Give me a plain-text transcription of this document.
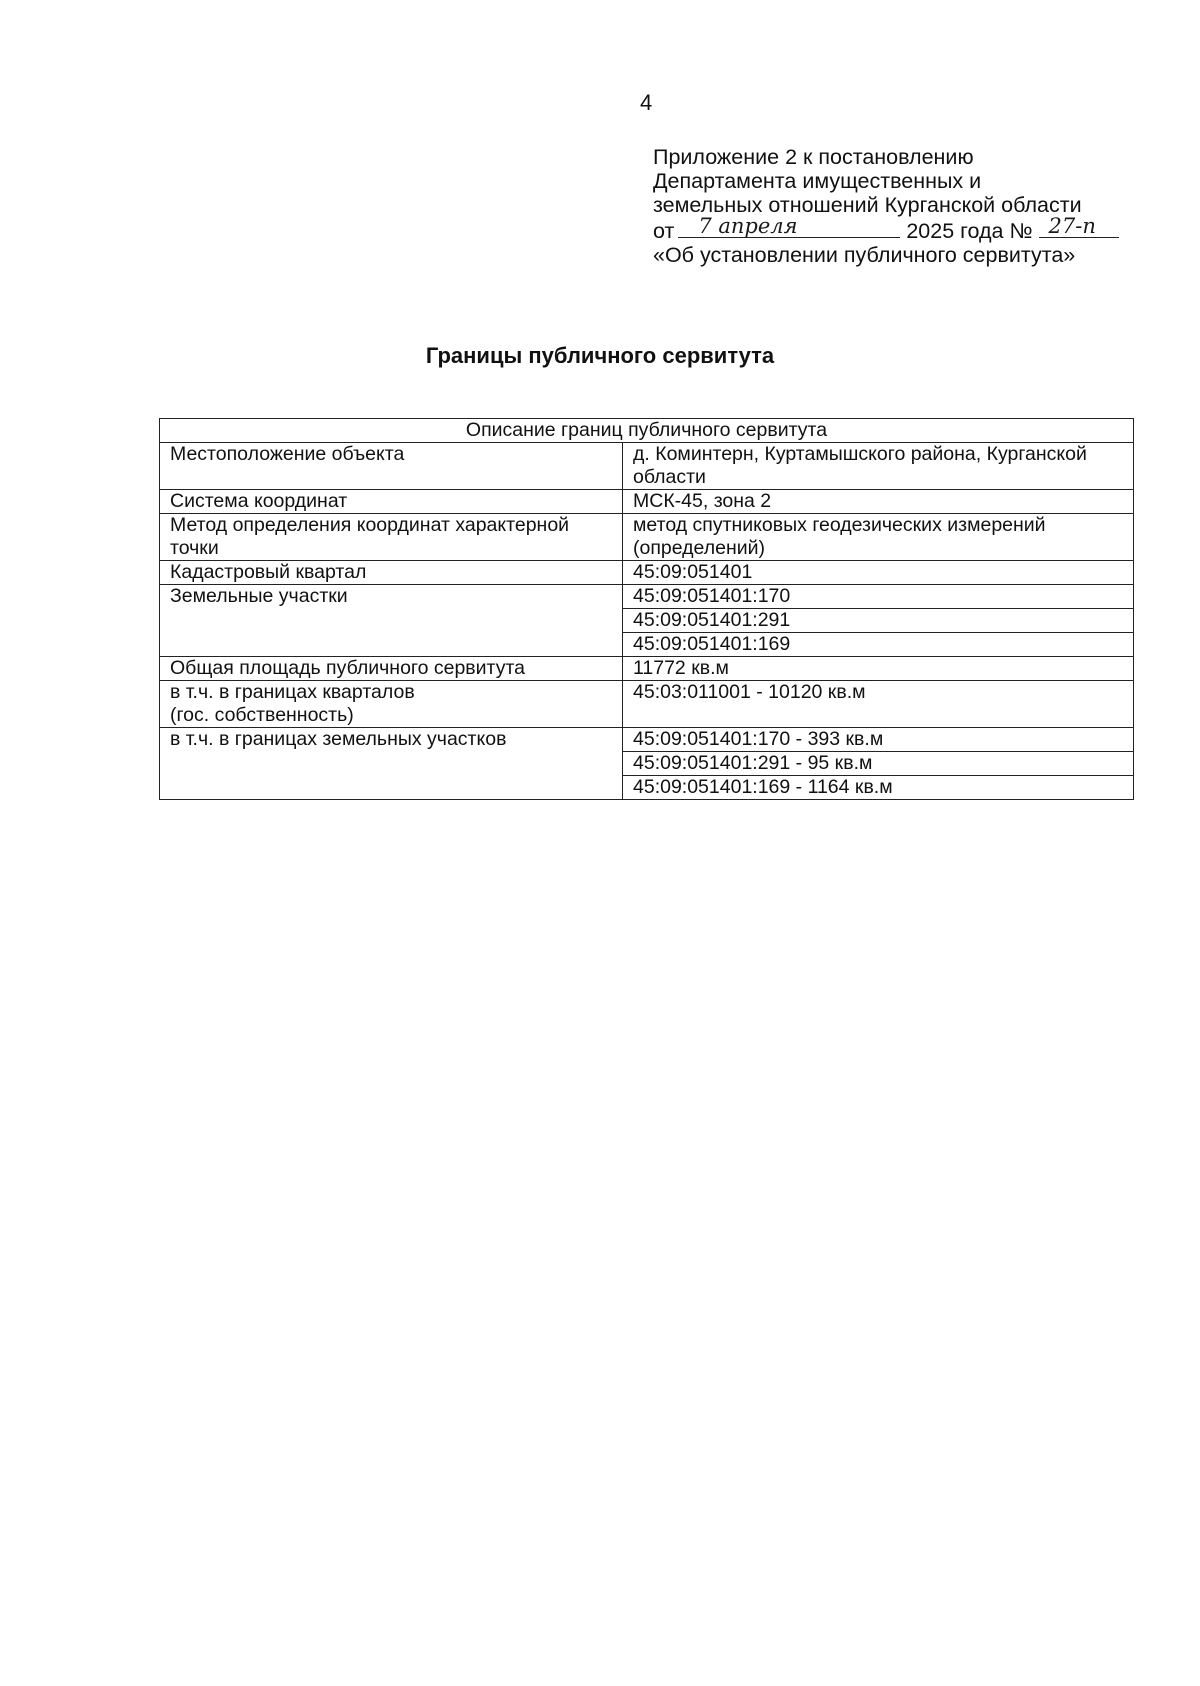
4
Приложение 2 к постановлению
Департамента имущественных и
земельных отношений Курганской области
от 7 апреля	2025 года № 27-п
«Об установлении публичного сервитута»
Границы публичного сервитута
Описание границ публичного сервитута	
Местоположение объекта	д. Коминтерн, Куртамышского района, Курганской области
Система координат	МСК-45, зона 2
Метод определения координат характерной точки	метод спутниковых геодезических измерений (определений)
Кадастровый квартал	45:09:051401
Земельные участки	45:09:051401:170
	45:09:051401:291
	45:09:051401:169
Общая площадь публичного сервитута	11772 кв.м
в т.ч. в границах кварталов
(гос. собственность)	45:03:011001 - 10120 кв.м
в т.ч. в границах земельных участков	45:09:051401:170 - 393 кв.м
	45:09:051401:291 - 95 кв.м
	45:09:051401:169 - 1164 кв.м
